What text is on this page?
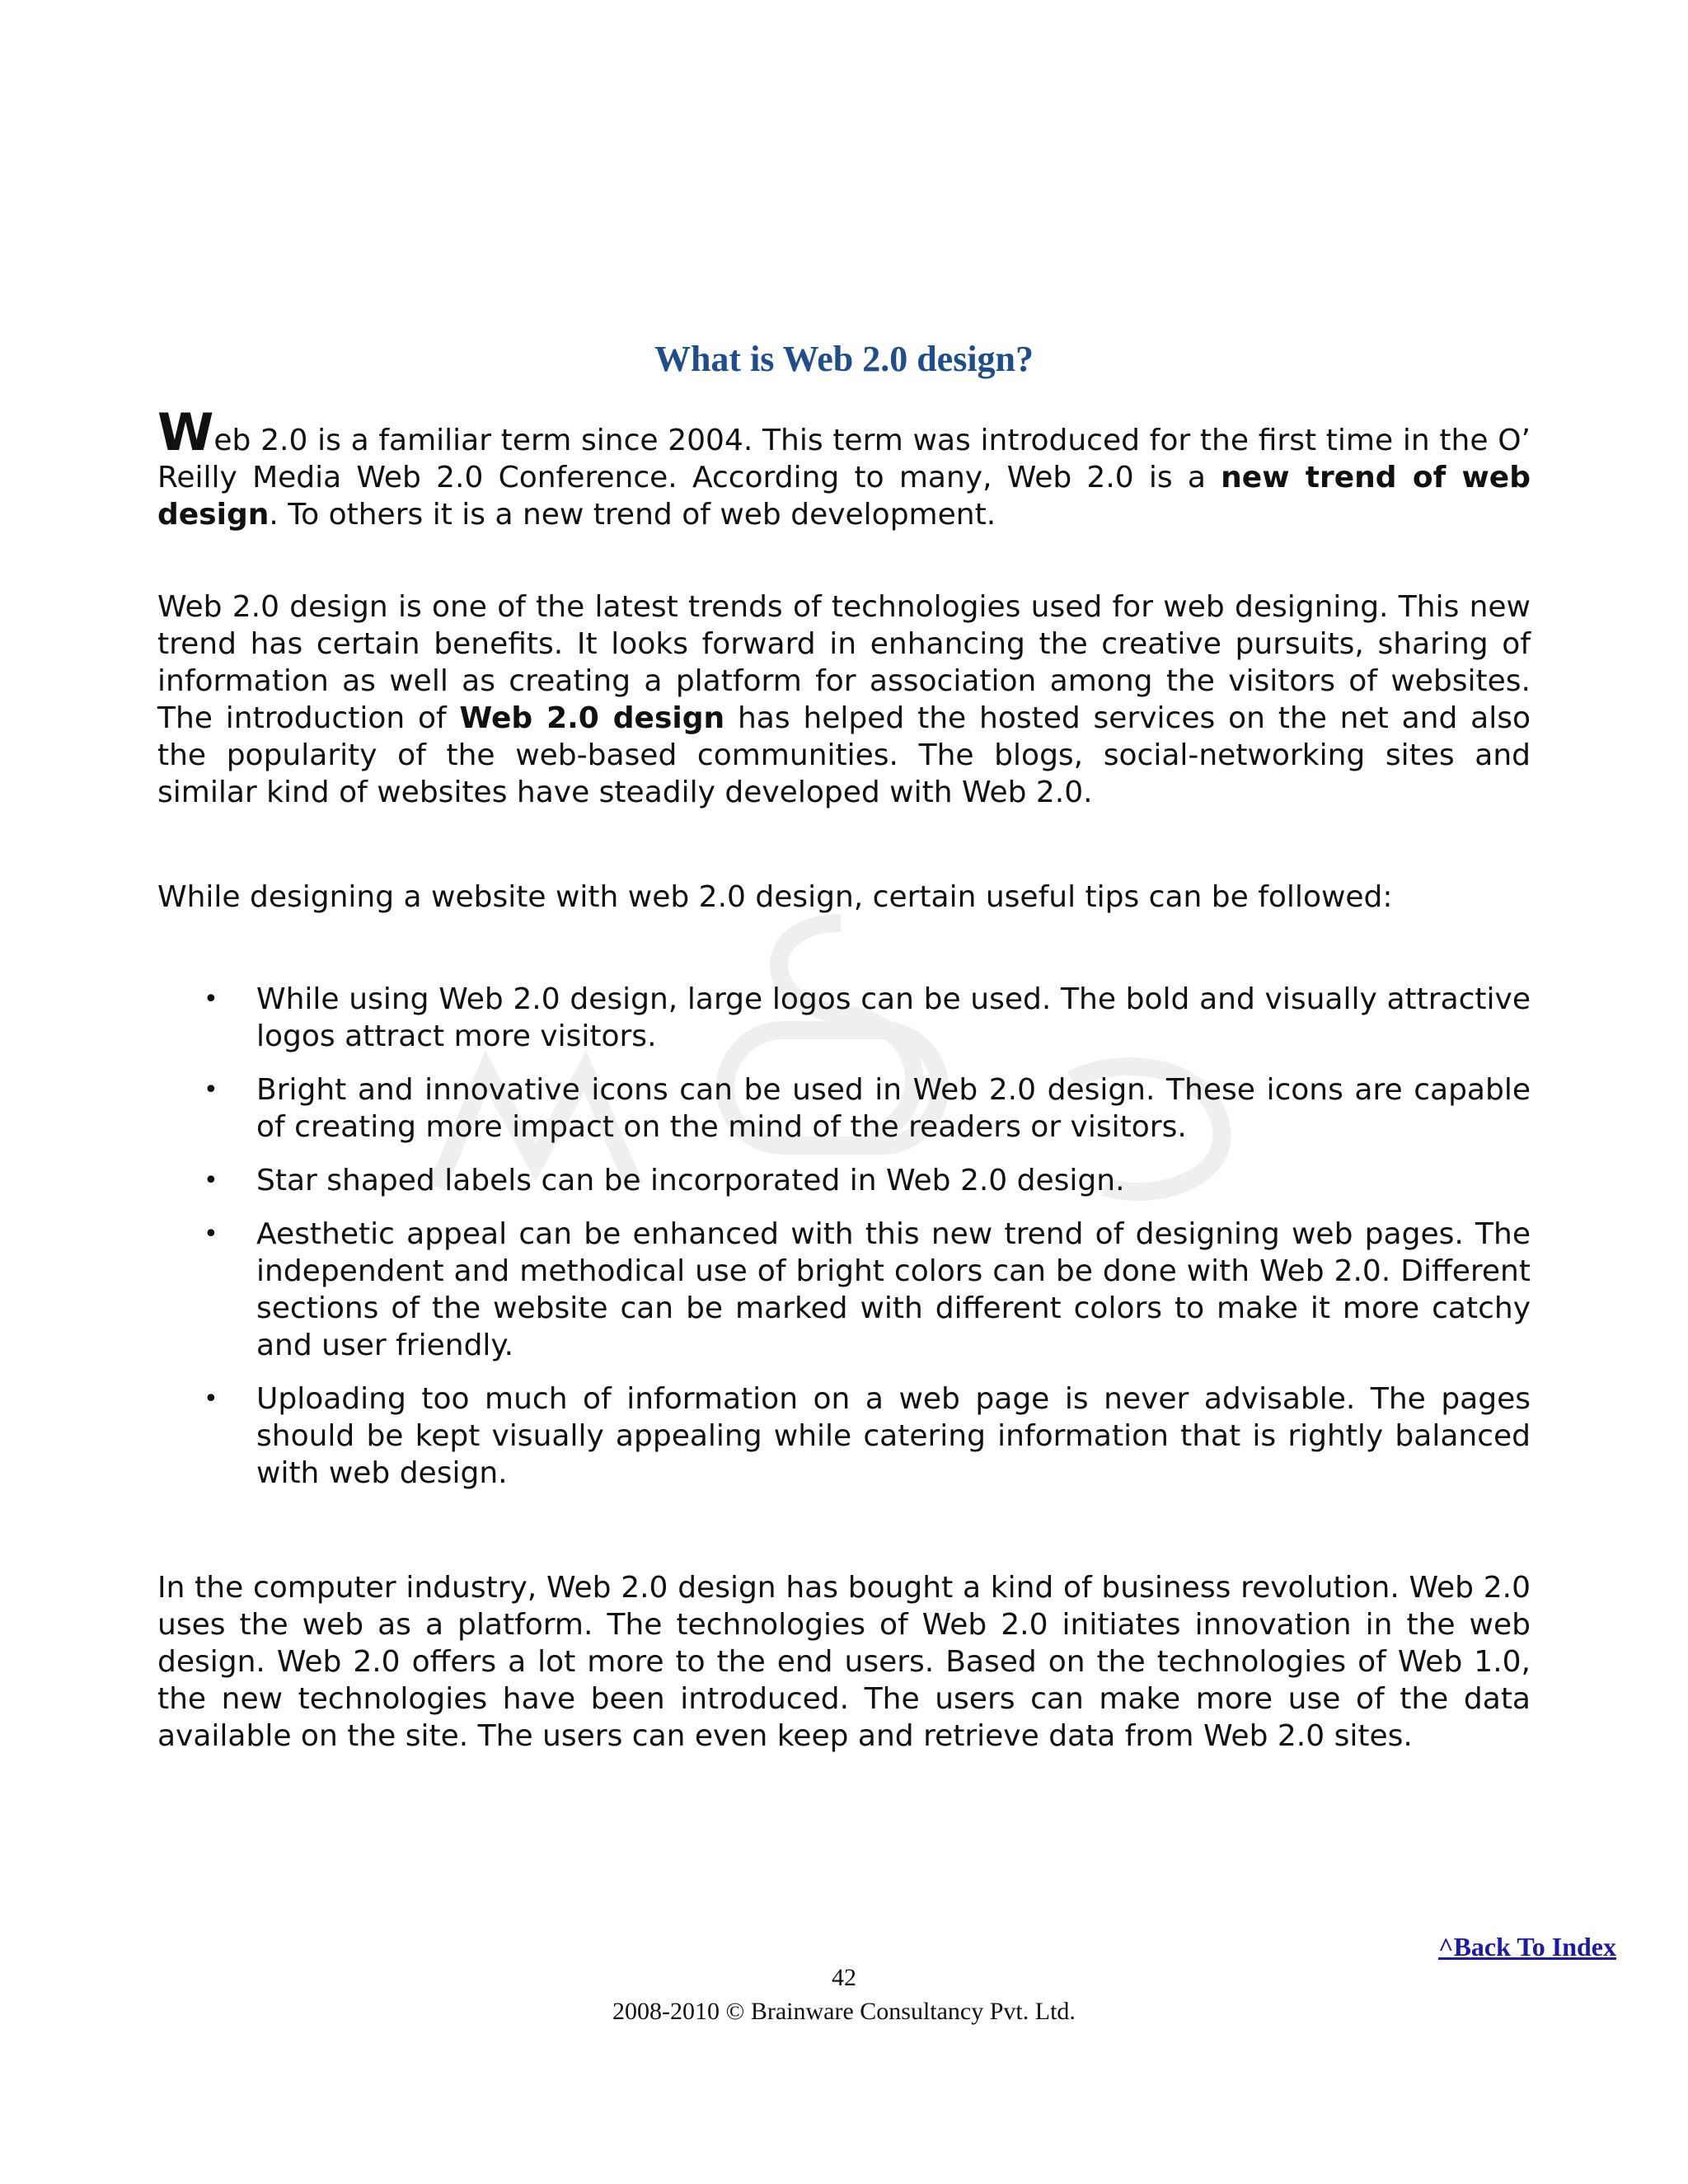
What is Web 2.0 design?

Web 2.0 is a familiar term since 2004. This term was introduced for the first time in the O’ Reilly Media Web 2.0 Conference. According to many, Web 2.0 is a new trend of web design. To others it is a new trend of web development.

Web 2.0 design is one of the latest trends of technologies used for web designing. This new trend has certain benefits. It looks forward in enhancing the creative pursuits, sharing of information as well as creating a platform for association among the visitors of websites. The introduction of Web 2.0 design has helped the hosted services on the net and also the popularity of the web-based communities. The blogs, social-networking sites and similar kind of websites have steadily developed with Web 2.0.

While designing a website with web 2.0 design, certain useful tips can be followed:

• While using Web 2.0 design, large logos can be used. The bold and visually attractive logos attract more visitors.
• Bright and innovative icons can be used in Web 2.0 design. These icons are capable of creating more impact on the mind of the readers or visitors.
• Star shaped labels can be incorporated in Web 2.0 design.
• Aesthetic appeal can be enhanced with this new trend of designing web pages. The independent and methodical use of bright colors can be done with Web 2.0. Different sections of the website can be marked with different colors to make it more catchy and user friendly.
• Uploading too much of information on a web page is never advisable. The pages should be kept visually appealing while catering information that is rightly balanced with web design.

In the computer industry, Web 2.0 design has bought a kind of business revolution. Web 2.0 uses the web as a platform. The technologies of Web 2.0 initiates innovation in the web design. Web 2.0 offers a lot more to the end users. Based on the technologies of Web 1.0, the new technologies have been introduced. The users can make more use of the data available on the site. The users can even keep and retrieve data from Web 2.0 sites.

^Back To Index
42
2008-2010 © Brainware Consultancy Pvt. Ltd.
